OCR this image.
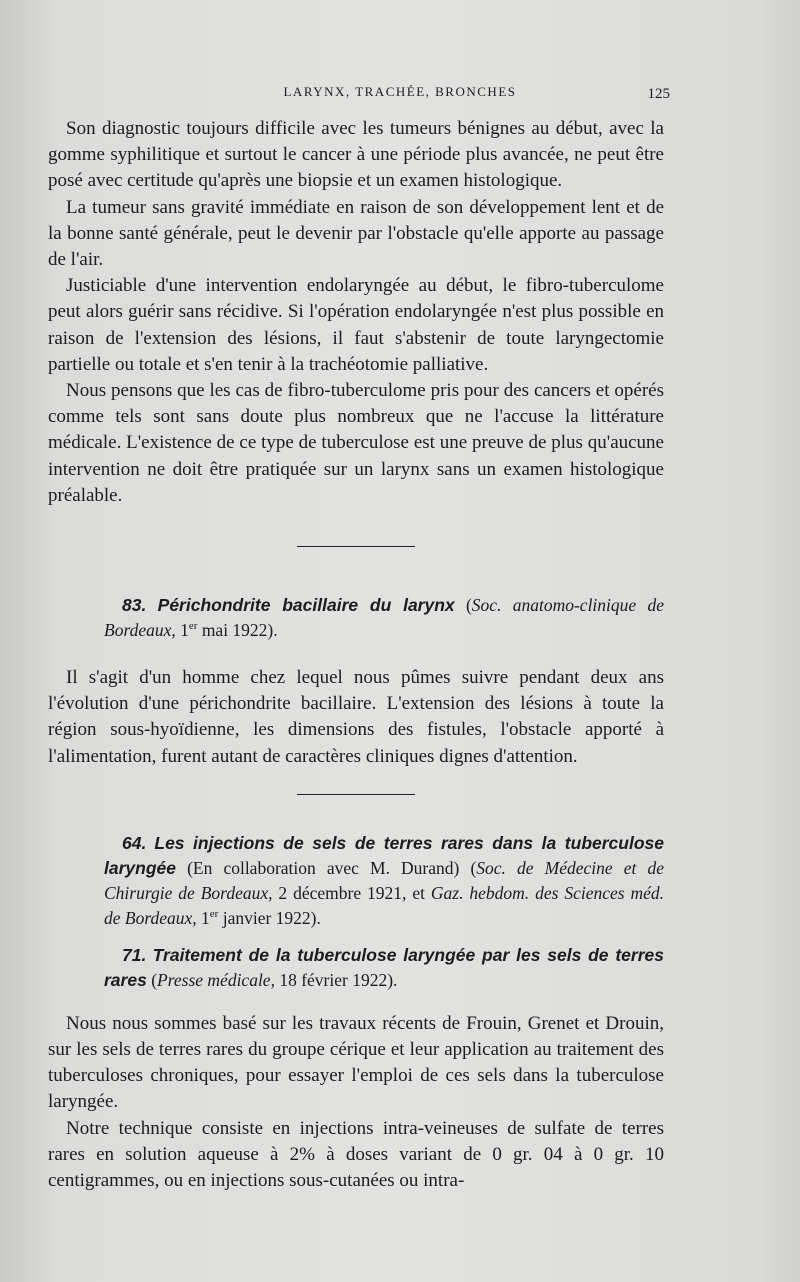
LARYNX, TRACHÉE, BRONCHES	125

Son diagnostic toujours difficile avec les tumeurs bénignes au début, avec la gomme syphilitique et surtout le cancer à une période plus avancée, ne peut être posé avec certitude qu'après une biopsie et un examen histologique.

La tumeur sans gravité immédiate en raison de son développement lent et de la bonne santé générale, peut le devenir par l'obstacle qu'elle apporte au passage de l'air.

Justiciable d'une intervention endolaryngée au début, le fibro-tuberculome peut alors guérir sans récidive. Si l'opération endolaryngée n'est plus possible en raison de l'extension des lésions, il faut s'abstenir de toute laryngectomie partielle ou totale et s'en tenir à la trachéotomie palliative.

Nous pensons que les cas de fibro-tuberculome pris pour des cancers et opérés comme tels sont sans doute plus nombreux que ne l'accuse la littérature médicale. L'existence de ce type de tuberculose est une preuve de plus qu'aucune intervention ne doit être pratiquée sur un larynx sans un examen histologique préalable.

83. Périchondrite bacillaire du larynx (Soc. anatomo-clinique de Bordeaux, 1er mai 1922).

Il s'agit d'un homme chez lequel nous pûmes suivre pendant deux ans l'évolution d'une périchondrite bacillaire. L'extension des lésions à toute la région sous-hyoïdienne, les dimensions des fistules, l'obstacle apporté à l'alimentation, furent autant de caractères cliniques dignes d'attention.

64. Les injections de sels de terres rares dans la tuberculose laryngée (En collaboration avec M. Durand) (Soc. de Médecine et de Chirurgie de Bordeaux, 2 décembre 1921, et Gaz. hebdom. des Sciences méd. de Bordeaux, 1er janvier 1922).

71. Traitement de la tuberculose laryngée par les sels de terres rares (Presse médicale, 18 février 1922).

Nous nous sommes basé sur les travaux récents de Frouin, Grenet et Drouin, sur les sels de terres rares du groupe cérique et leur application au traitement des tuberculoses chroniques, pour essayer l'emploi de ces sels dans la tuberculose laryngée.

Notre technique consiste en injections intra-veineuses de sulfate de terres rares en solution aqueuse à 2% à doses variant de 0 gr. 04 à 0 gr. 10 centigrammes, ou en injections sous-cutanées ou intra-
